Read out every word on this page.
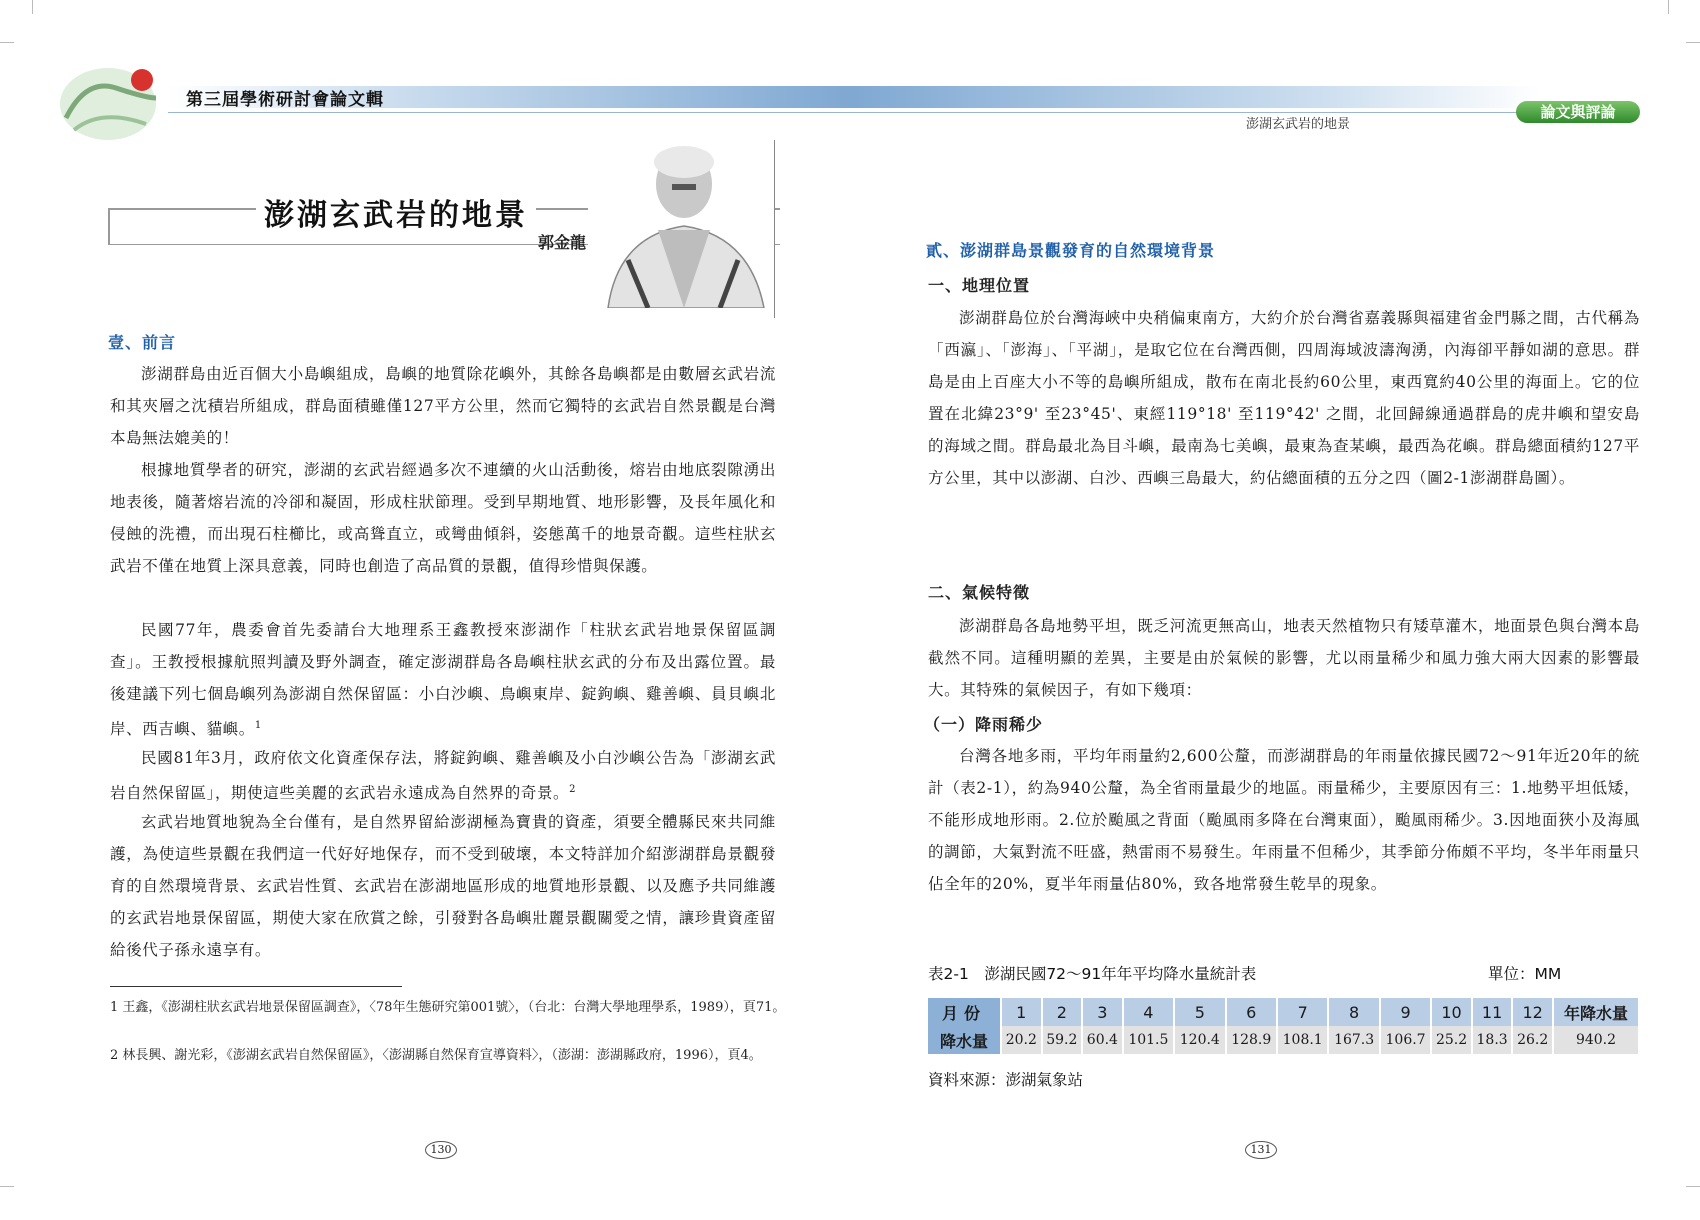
第三屆學術研討會論文輯
澎湖玄武岩的地景
郭金龍
壹、前言
澎湖群島由近百個大小島嶼組成，島嶼的地質除花嶼外，其餘各島嶼都是由數層玄武岩流和其夾層之沈積岩所組成，群島面積雖僅127平方公里，然而它獨特的玄武岩自然景觀是台灣本島無法媲美的！
根據地質學者的研究，澎湖的玄武岩經過多次不連續的火山活動後，熔岩由地底裂隙湧出地表後，隨著熔岩流的冷卻和凝固，形成柱狀節理。受到早期地質、地形影響，及長年風化和侵蝕的洗禮，而出現石柱櫛比，或高聳直立，或彎曲傾斜，姿態萬千的地景奇觀。這些柱狀玄武岩不僅在地質上深具意義，同時也創造了高品質的景觀，值得珍惜與保護。
民國77年，農委會首先委請台大地理系王鑫教授來澎湖作「柱狀玄武岩地景保留區調查」。王教授根據航照判讀及野外調查，確定澎湖群島各島嶼柱狀玄武的分布及出露位置。最後建議下列七個島嶼列為澎湖自然保留區：小白沙嶼、鳥嶼東岸、錠鉤嶼、雞善嶼、員貝嶼北岸、西吉嶼、貓嶼。$^1$
民國81年3月，政府依文化資產保存法，將錠鉤嶼、雞善嶼及小白沙嶼公告為「澎湖玄武岩自然保留區」，期使這些美麗的玄武岩永遠成為自然界的奇景。$^2$
玄武岩地質地貌為全台僅有，是自然界留給澎湖極為寶貴的資產，須要全體縣民來共同維護，為使這些景觀在我們這一代好好地保存，而不受到破壞，本文特詳加介紹澎湖群島景觀發育的自然環境背景、玄武岩性質、玄武岩在澎湖地區形成的地質地形景觀、以及應予共同維護的玄武岩地景保留區，期使大家在欣賞之餘，引發對各島嶼壯麗景觀關愛之情，讓珍貴資產留給後代子孫永遠享有。
1 王鑫，《澎湖柱狀玄武岩地景保留區調查》，〈78年生態研究第001號〉，（台北：台灣大學地理學系，1989），頁71。
2 林長興、謝光彩，《澎湖玄武岩自然保留區》，〈澎湖縣自然保育宣導資料〉，（澎湖：澎湖縣政府，1996），頁4。
130
澎湖玄武岩的地景
論文與評論
貳、澎湖群島景觀發育的自然環境背景
一、地理位置
澎湖群島位於台灣海峽中央稍偏東南方，大約介於台灣省嘉義縣與福建省金門縣之間，古代稱為「西瀛」、「澎海」、「平湖」，是取它位在台灣西側，四周海域波濤洶湧，內海卻平靜如湖的意思。群島是由上百座大小不等的島嶼所組成，散布在南北長約60公里，東西寬約40公里的海面上。它的位置在北緯23°9' 至23°45'、東經119°18' 至119°42' 之間，北回歸線通過群島的虎井嶼和望安島的海域之間。群島最北為目斗嶼，最南為七美嶼，最東為查某嶼，最西為花嶼。群島總面積約127平方公里，其中以澎湖、白沙、西嶼三島最大，約佔總面積的五分之四（圖2-1澎湖群島圖）。
二、氣候特徵
澎湖群島各島地勢平坦，既乏河流更無高山，地表天然植物只有矮草灌木，地面景色與台灣本島截然不同。這種明顯的差異，主要是由於氣候的影響，尤以雨量稀少和風力強大兩大因素的影響最大。其特殊的氣候因子，有如下幾項：
（一）降雨稀少
台灣各地多雨，平均年雨量約2,600公釐，而澎湖群島的年雨量依據民國72～91年近20年的統計（表2-1），約為940公釐，為全省雨量最少的地區。雨量稀少，主要原因有三：1.地勢平坦低矮，不能形成地形雨。2.位於颱風之背面（颱風雨多降在台灣東面），颱風雨稀少。3.因地面狹小及海風的調節，大氣對流不旺盛，熱雷雨不易發生。年雨量不但稀少，其季節分佈頗不平均，冬半年雨量只佔全年的20%，夏半年雨量佔80%，致各地常發生乾旱的現象。
表2-1　澎湖民國72～91年年平均降水量統計表	單位：MM
月份	1	2	3	4	5	6	7	8	9	10	11	12	年降水量
降水量	20.2	59.2	60.4	101.5	120.4	128.9	108.1	167.3	106.7	25.2	18.3	26.2	940.2
資料來源：澎湖氣象站
131
